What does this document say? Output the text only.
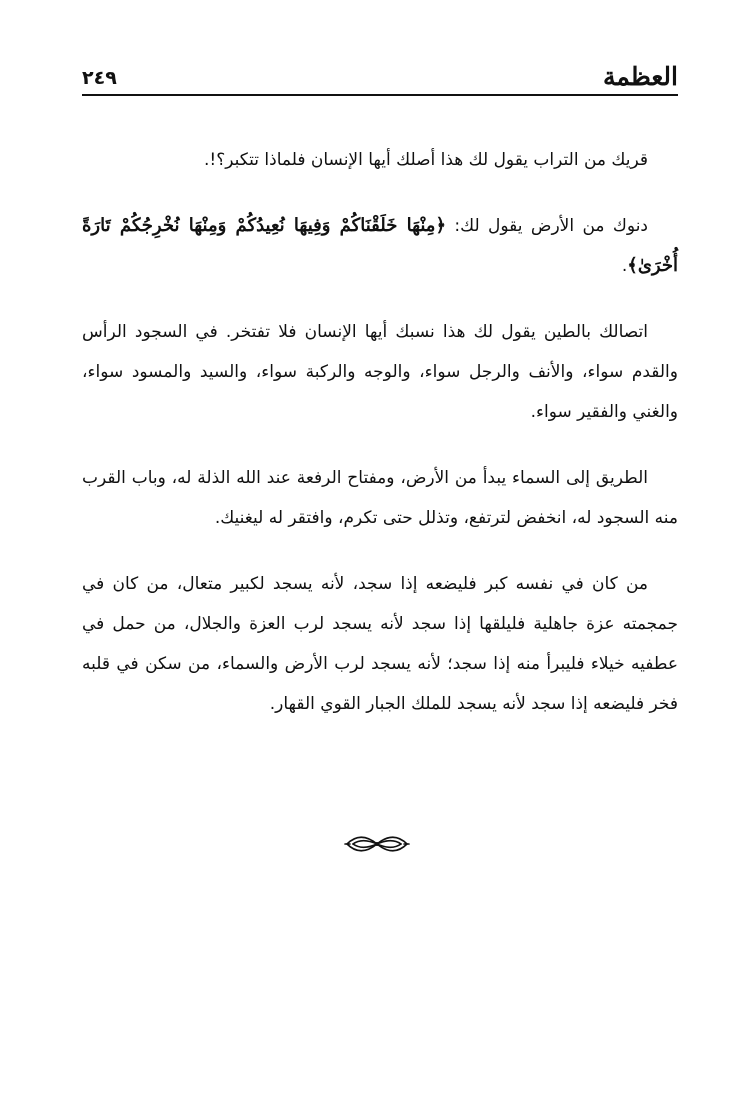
العظمة
٢٤٩

قريك من التراب يقول لك هذا أصلك أيها الإنسان فلماذا تتكبر؟!.

دنوك من الأرض يقول لك: ﴿مِنْهَا خَلَقْنَاكُمْ وَفِيهَا نُعِيدُكُمْ وَمِنْهَا نُخْرِجُكُمْ تَارَةً أُخْرَىٰ﴾.

اتصالك بالطين يقول لك هذا نسبك أيها الإنسان فلا تفتخر. في السجود الرأس والقدم سواء، والأنف والرجل سواء، والوجه والركبة سواء، والسيد والمسود سواء، والغني والفقير سواء.

الطريق إلى السماء يبدأ من الأرض، ومفتاح الرفعة عند الله الذلة له، وباب القرب منه السجود له، انخفض لترتفع، وتذلل حتى تكرم، وافتقر له ليغنيك.

من كان في نفسه كبر فليضعه إذا سجد، لأنه يسجد لكبير متعال، من كان في جمجمته عزة جاهلية فليلقها إذا سجد لأنه يسجد لرب العزة والجلال، من حمل في عطفيه خيلاء فليبرأ منه إذا سجد؛ لأنه يسجد لرب الأرض والسماء، من سكن في قلبه فخر فليضعه إذا سجد لأنه يسجد للملك الجبار القوي القهار.
